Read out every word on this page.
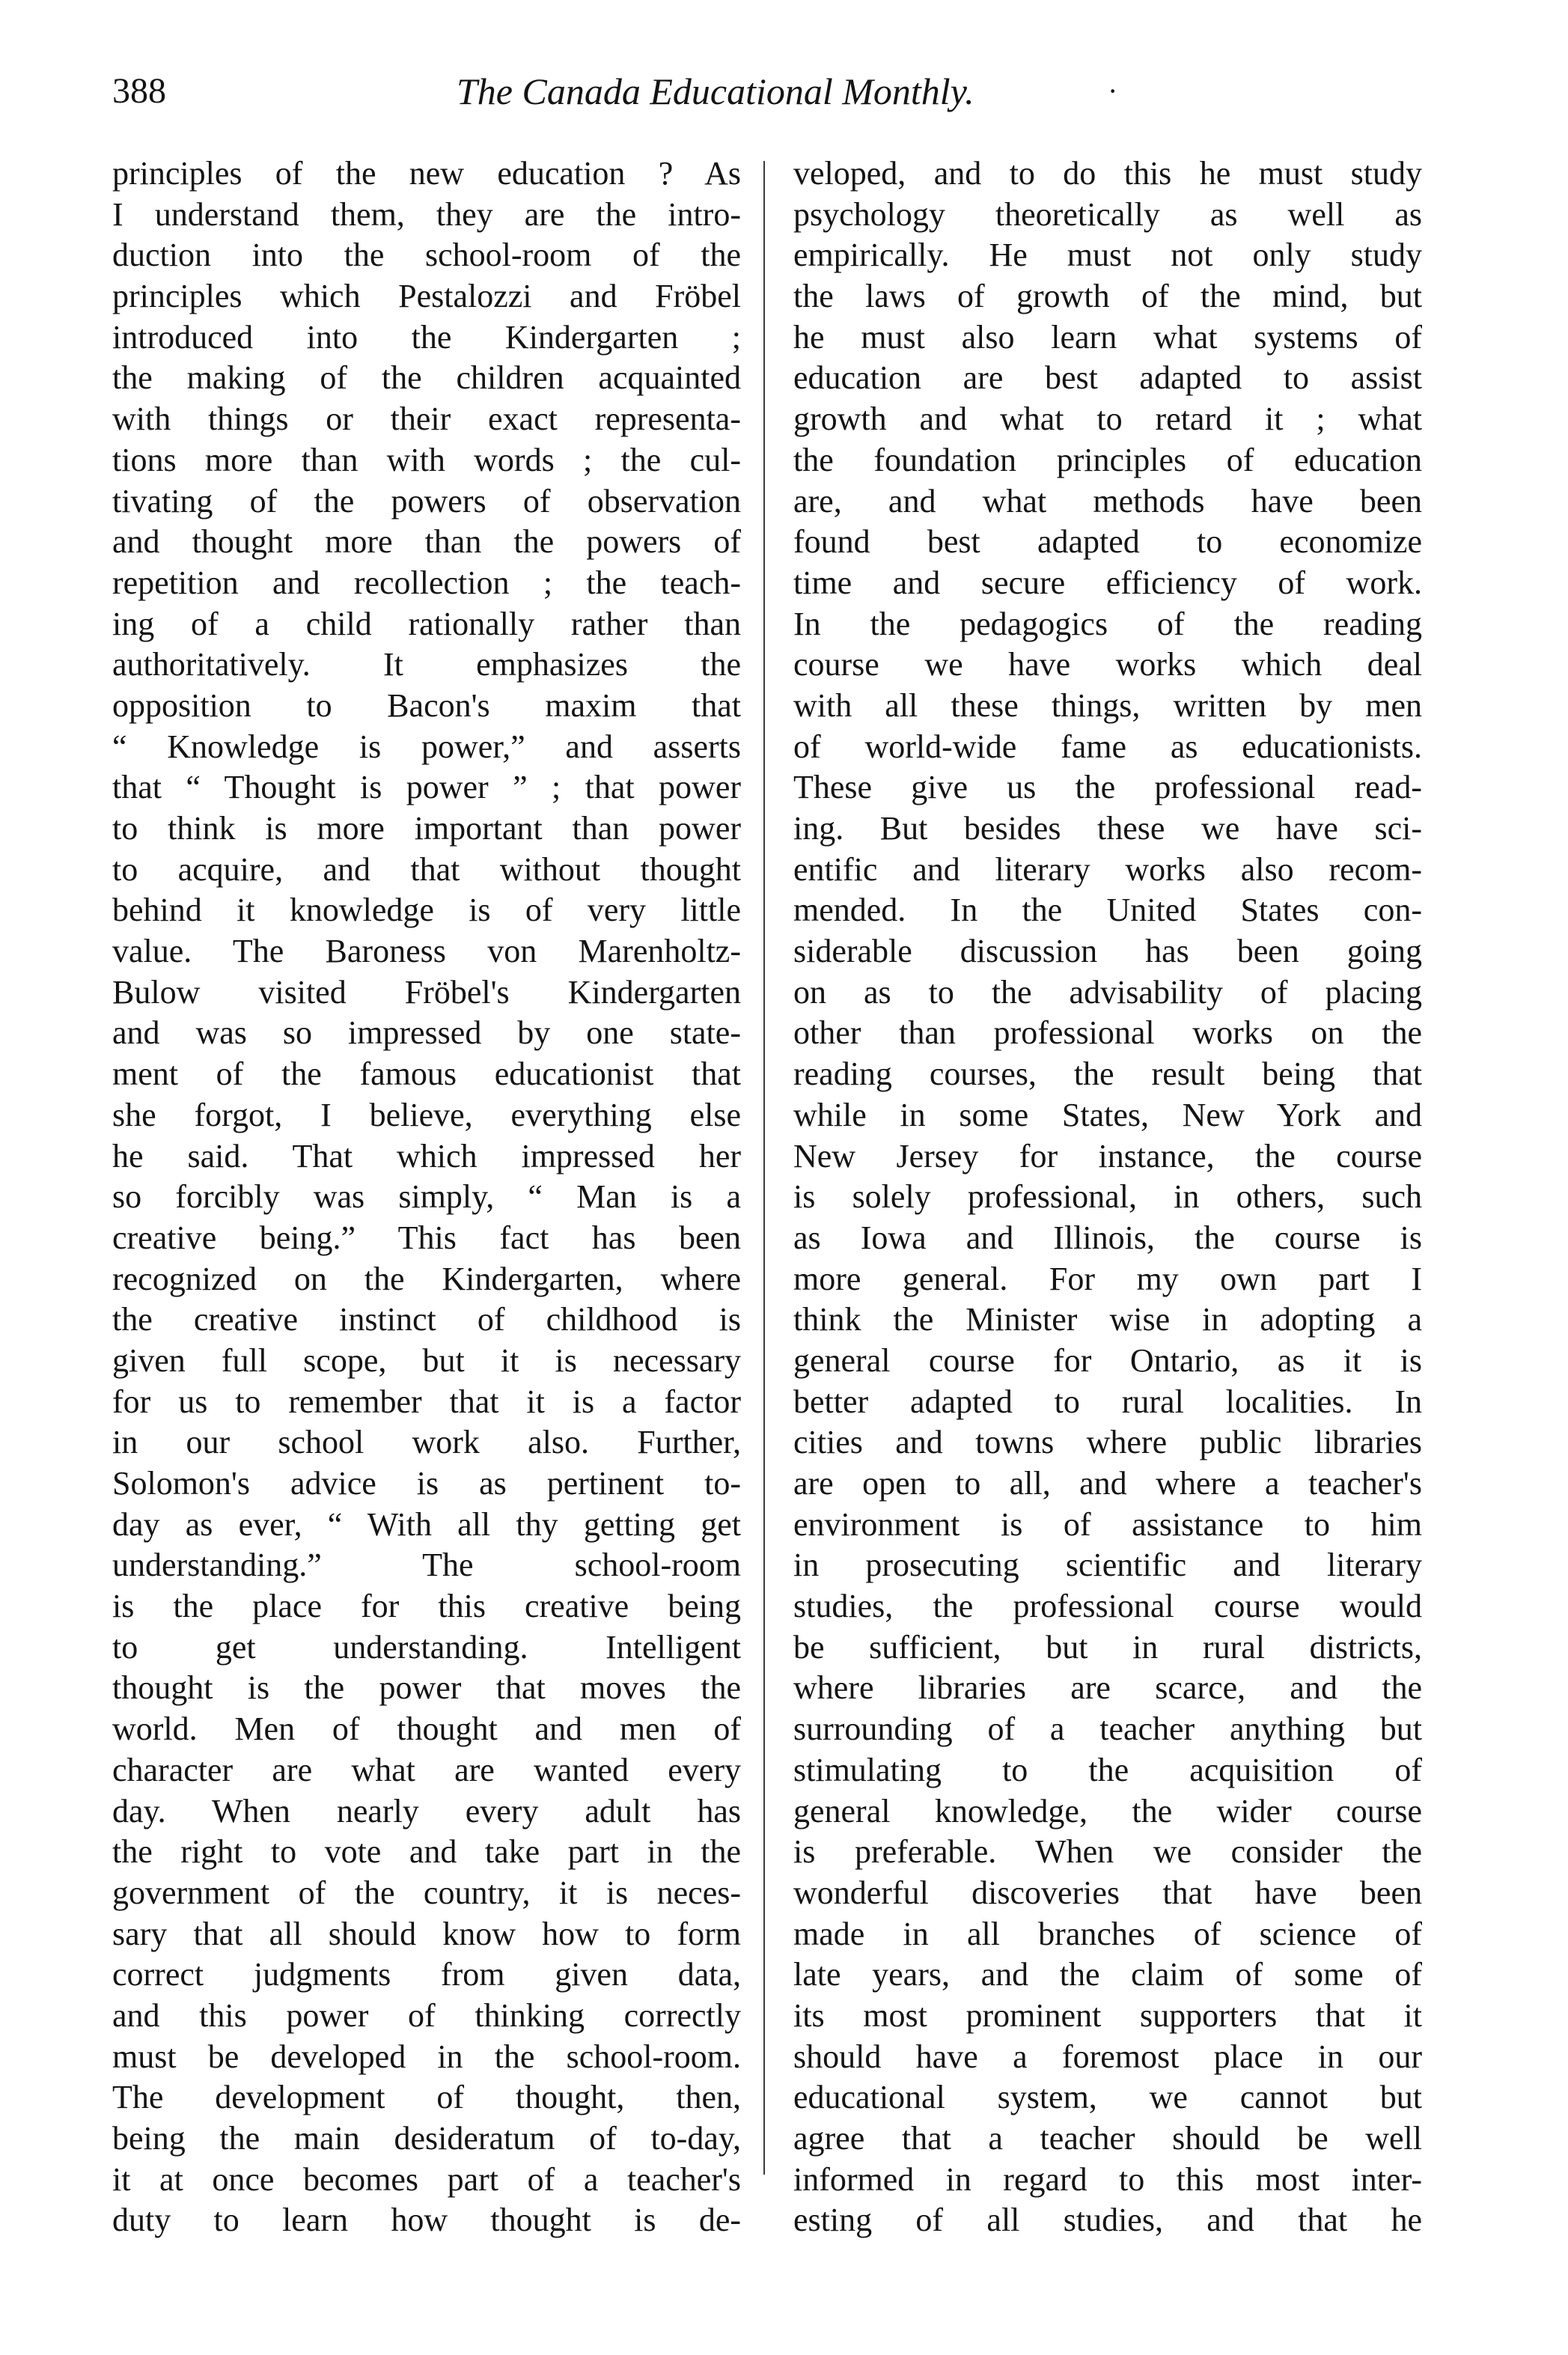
388	The Canada Educational Monthly.	·
principles of the new education ? As
I understand them, they are the intro-
duction into the school-room of the
principles which Pestalozzi and Fröbel
introduced into the Kindergarten ;
the making of the children acquainted
with things or their exact representa-
tions more than with words ; the cul-
tivating of the powers of observation
and thought more than the powers of
repetition and recollection ; the teach-
ing of a child rationally rather than
authoritatively. It emphasizes the
opposition to Bacon's maxim that
“ Knowledge is power,” and asserts
that “ Thought is power ” ; that power
to think is more important than power
to acquire, and that without thought
behind it knowledge is of very little
value. The Baroness von Marenholtz-
Bulow visited Fröbel's Kindergarten
and was so impressed by one state-
ment of the famous educationist that
she forgot, I believe, everything else
he said. That which impressed her
so forcibly was simply, “ Man is a
creative being.” This fact has been
recognized on the Kindergarten, where
the creative instinct of childhood is
given full scope, but it is necessary
for us to remember that it is a factor
in our school work also. Further,
Solomon's advice is as pertinent to-
day as ever, “ With all thy getting get
understanding.” The school-room
is the place for this creative being
to get understanding. Intelligent
thought is the power that moves the
world. Men of thought and men of
character are what are wanted every
day. When nearly every adult has
the right to vote and take part in the
government of the country, it is neces-
sary that all should know how to form
correct judgments from given data,
and this power of thinking correctly
must be developed in the school-room.
The development of thought, then,
being the main desideratum of to-day,
it at once becomes part of a teacher's
duty to learn how thought is de-
veloped, and to do this he must study
psychology theoretically as well as
empirically. He must not only study
the laws of growth of the mind, but
he must also learn what systems of
education are best adapted to assist
growth and what to retard it ; what
the foundation principles of education
are, and what methods have been
found best adapted to economize
time and secure efficiency of work.
In the pedagogics of the reading
course we have works which deal
with all these things, written by men
of world-wide fame as educationists.
These give us the professional read-
ing. But besides these we have sci-
entific and literary works also recom-
mended. In the United States con-
siderable discussion has been going
on as to the advisability of placing
other than professional works on the
reading courses, the result being that
while in some States, New York and
New Jersey for instance, the course
is solely professional, in others, such
as Iowa and Illinois, the course is
more general. For my own part I
think the Minister wise in adopting a
general course for Ontario, as it is
better adapted to rural localities. In
cities and towns where public libraries
are open to all, and where a teacher's
environment is of assistance to him
in prosecuting scientific and literary
studies, the professional course would
be sufficient, but in rural districts,
where libraries are scarce, and the
surrounding of a teacher anything but
stimulating to the acquisition of
general knowledge, the wider course
is preferable. When we consider the
wonderful discoveries that have been
made in all branches of science of
late years, and the claim of some of
its most prominent supporters that it
should have a foremost place in our
educational system, we cannot but
agree that a teacher should be well
informed in regard to this most inter-
esting of all studies, and that he
